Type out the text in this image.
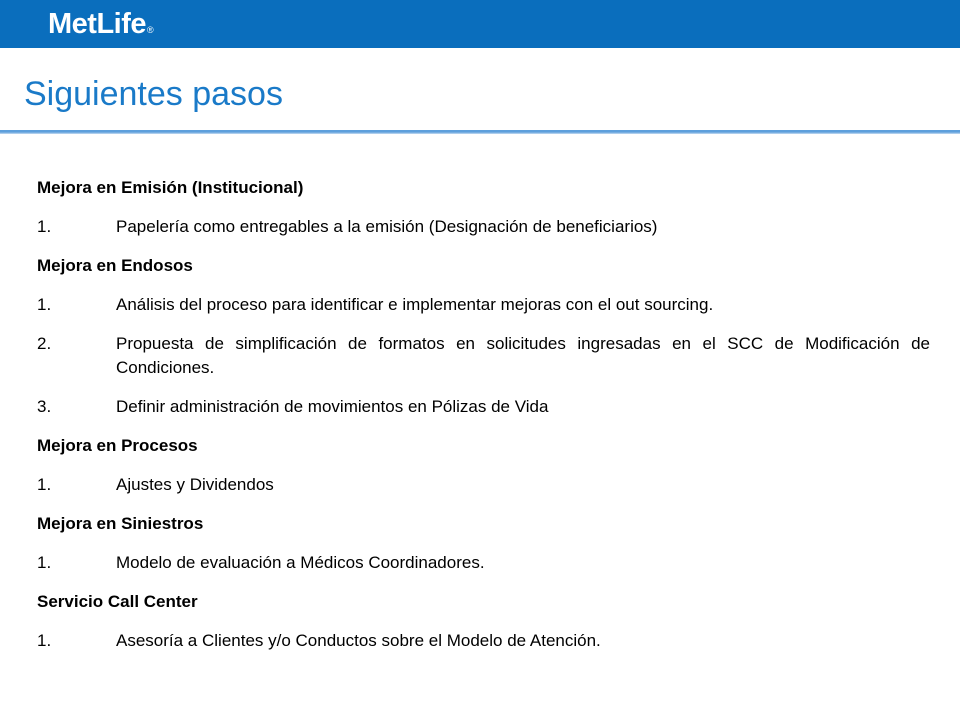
MetLife®
Siguientes pasos
Mejora en Emisión (Institucional)
1.	Papelería como entregables a la emisión (Designación de beneficiarios)
Mejora en Endosos
1.	Análisis del proceso para identificar e implementar mejoras con el out sourcing.
2.	Propuesta de simplificación de formatos en solicitudes ingresadas en el SCC de Modificación de Condiciones.
3.	Definir administración de movimientos en Pólizas de Vida
Mejora en Procesos
1.	Ajustes y Dividendos
Mejora en Siniestros
1.	Modelo de evaluación a Médicos Coordinadores.
Servicio Call Center
1.	Asesoría a Clientes y/o Conductos sobre el Modelo de Atención.
